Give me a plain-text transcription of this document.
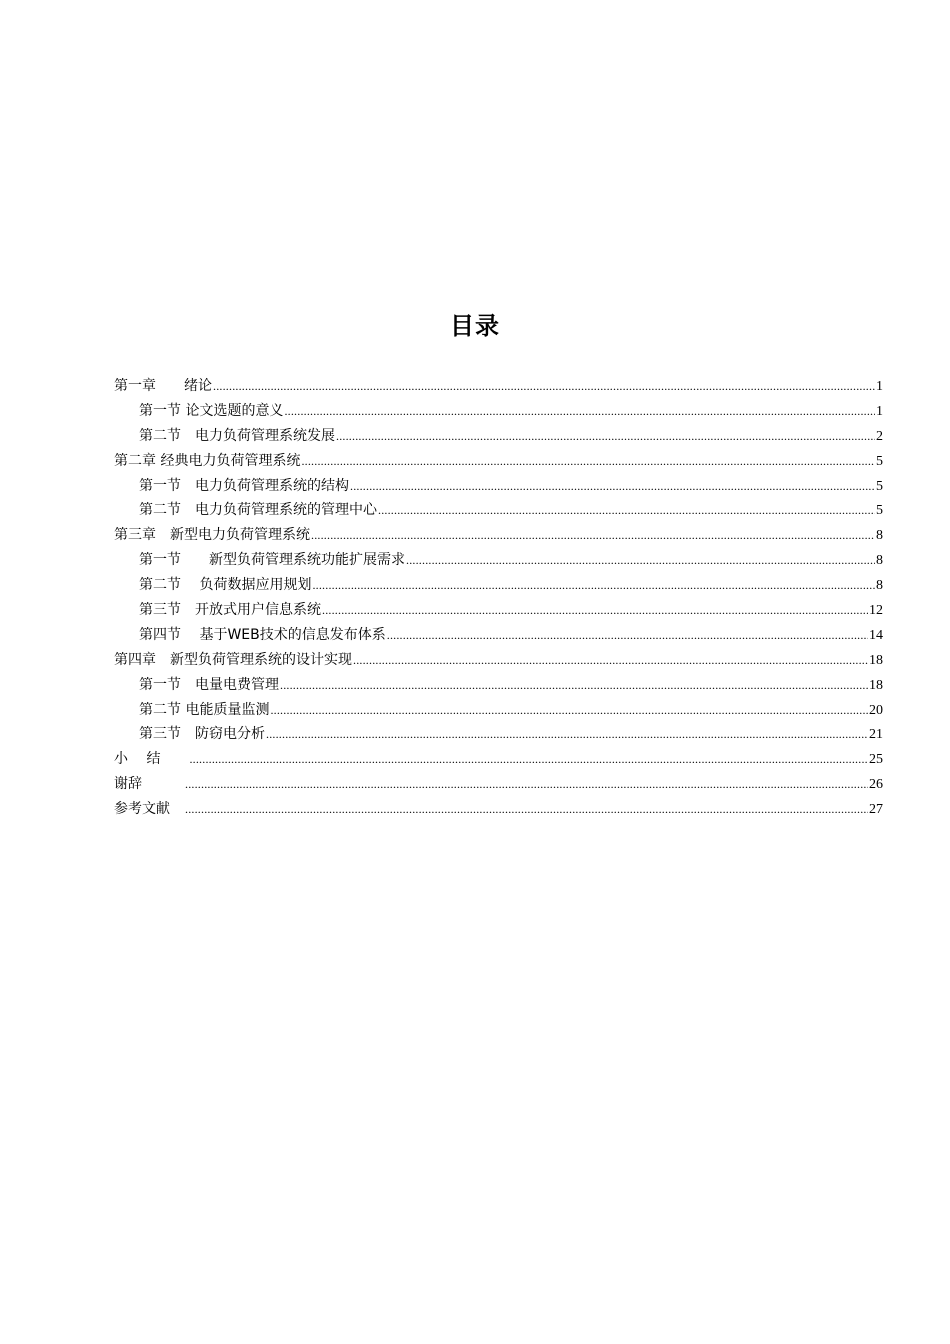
目录
第一章　　绪论 .....	1
第一节 论文选题的意义 .....	1
第二节　电力负荷管理系统发展 .....	2
第二章 经典电力负荷管理系统 .....	5
第一节　电力负荷管理系统的结构 .....	5
第二节　电力负荷管理系统的管理中心 .....	5
第三章　新型电力负荷管理系统 .....	8
第一节　　新型负荷管理系统功能扩展需求 .....	8
第二节　 负荷数据应用规划 .....	8
第三节　开放式用户信息系统 .....	12
第四节　 基于WEB技术的信息发布体系 .....	14
第四章　新型负荷管理系统的设计实现 .....	18
第一节　电量电费管理 .....	18
第二节 电能质量监测 .....	20
第三节　防窃电分析 .....	21
小　 结　　 .....	25
谢辞　　　 .....	26
参考文献　 .....	27
